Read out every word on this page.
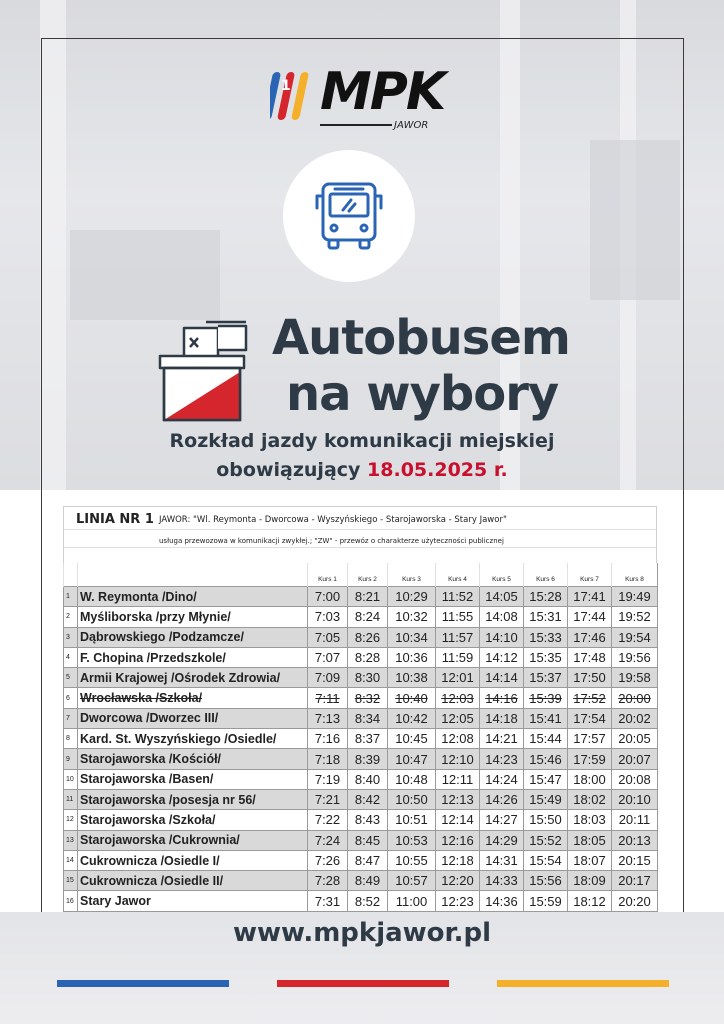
1 MPK
JAWOR
Autobusem
na wybory
Rozkład jazdy komunikacji miejskiej
obowiązujący 18.05.2025 r.
LINIA NR 1 JAWOR: "Wl. Reymonta - Dworcowa - Wyszyńskiego - Starojaworska - Stary Jawor"
usługa przewozowa w komunikacji zwykłej.; "ZW" - przewóz o charakterze użyteczności publicznej
		Kurs 1	Kurs 2	Kurs 3	Kurs 4	Kurs 5	Kurs 6	Kurs 7	Kurs 8
1	W. Reymonta /Dino/	7:00	8:21	10:29	11:52	14:05	15:28	17:41	19:49
2	Myśliborska /przy Młynie/	7:03	8:24	10:32	11:55	14:08	15:31	17:44	19:52
3	Dąbrowskiego /Podzamcze/	7:05	8:26	10:34	11:57	14:10	15:33	17:46	19:54
4	F. Chopina /Przedszkole/	7:07	8:28	10:36	11:59	14:12	15:35	17:48	19:56
5	Armii Krajowej /Ośrodek Zdrowia/	7:09	8:30	10:38	12:01	14:14	15:37	17:50	19:58
6	Wrocławska /Szkoła/	7:11	8:32	10:40	12:03	14:16	15:39	17:52	20:00
7	Dworcowa /Dworzec III/	7:13	8:34	10:42	12:05	14:18	15:41	17:54	20:02
8	Kard. St. Wyszyńskiego /Osiedle/	7:16	8:37	10:45	12:08	14:21	15:44	17:57	20:05
9	Starojaworska /Kościół/	7:18	8:39	10:47	12:10	14:23	15:46	17:59	20:07
10	Starojaworska /Basen/	7:19	8:40	10:48	12:11	14:24	15:47	18:00	20:08
11	Starojaworska /posesja nr 56/	7:21	8:42	10:50	12:13	14:26	15:49	18:02	20:10
12	Starojaworska /Szkoła/	7:22	8:43	10:51	12:14	14:27	15:50	18:03	20:11
13	Starojaworska /Cukrownia/	7:24	8:45	10:53	12:16	14:29	15:52	18:05	20:13
14	Cukrownicza /Osiedle I/	7:26	8:47	10:55	12:18	14:31	15:54	18:07	20:15
15	Cukrownicza /Osiedle II/	7:28	8:49	10:57	12:20	14:33	15:56	18:09	20:17
16	Stary Jawor	7:31	8:52	11:00	12:23	14:36	15:59	18:12	20:20
www.mpkjawor.pl
